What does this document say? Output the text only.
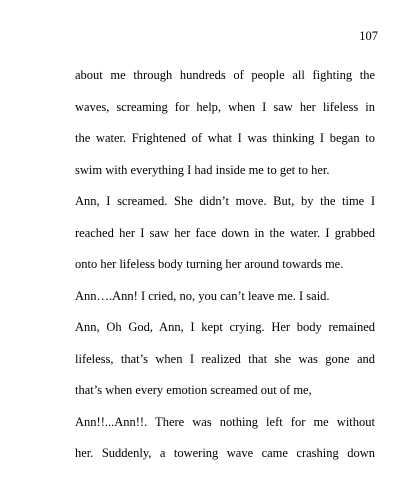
107
about me through hundreds of people all fighting the
waves, screaming for help, when I saw her lifeless in
the water. Frightened of what I was thinking I began to
swim with everything I had inside me to get to her.
Ann, I screamed. She didn’t move. But, by the time I
reached her I saw her face down in the water. I grabbed
onto her lifeless body turning her around towards me.
Ann….Ann! I cried, no, you can’t leave me. I said.
Ann, Oh God, Ann, I kept crying. Her body remained
lifeless, that’s when I realized that she was gone and
that’s when every emotion screamed out of me,
Ann!!...Ann!!. There was nothing left for me without
her. Suddenly, a towering wave came crashing down
